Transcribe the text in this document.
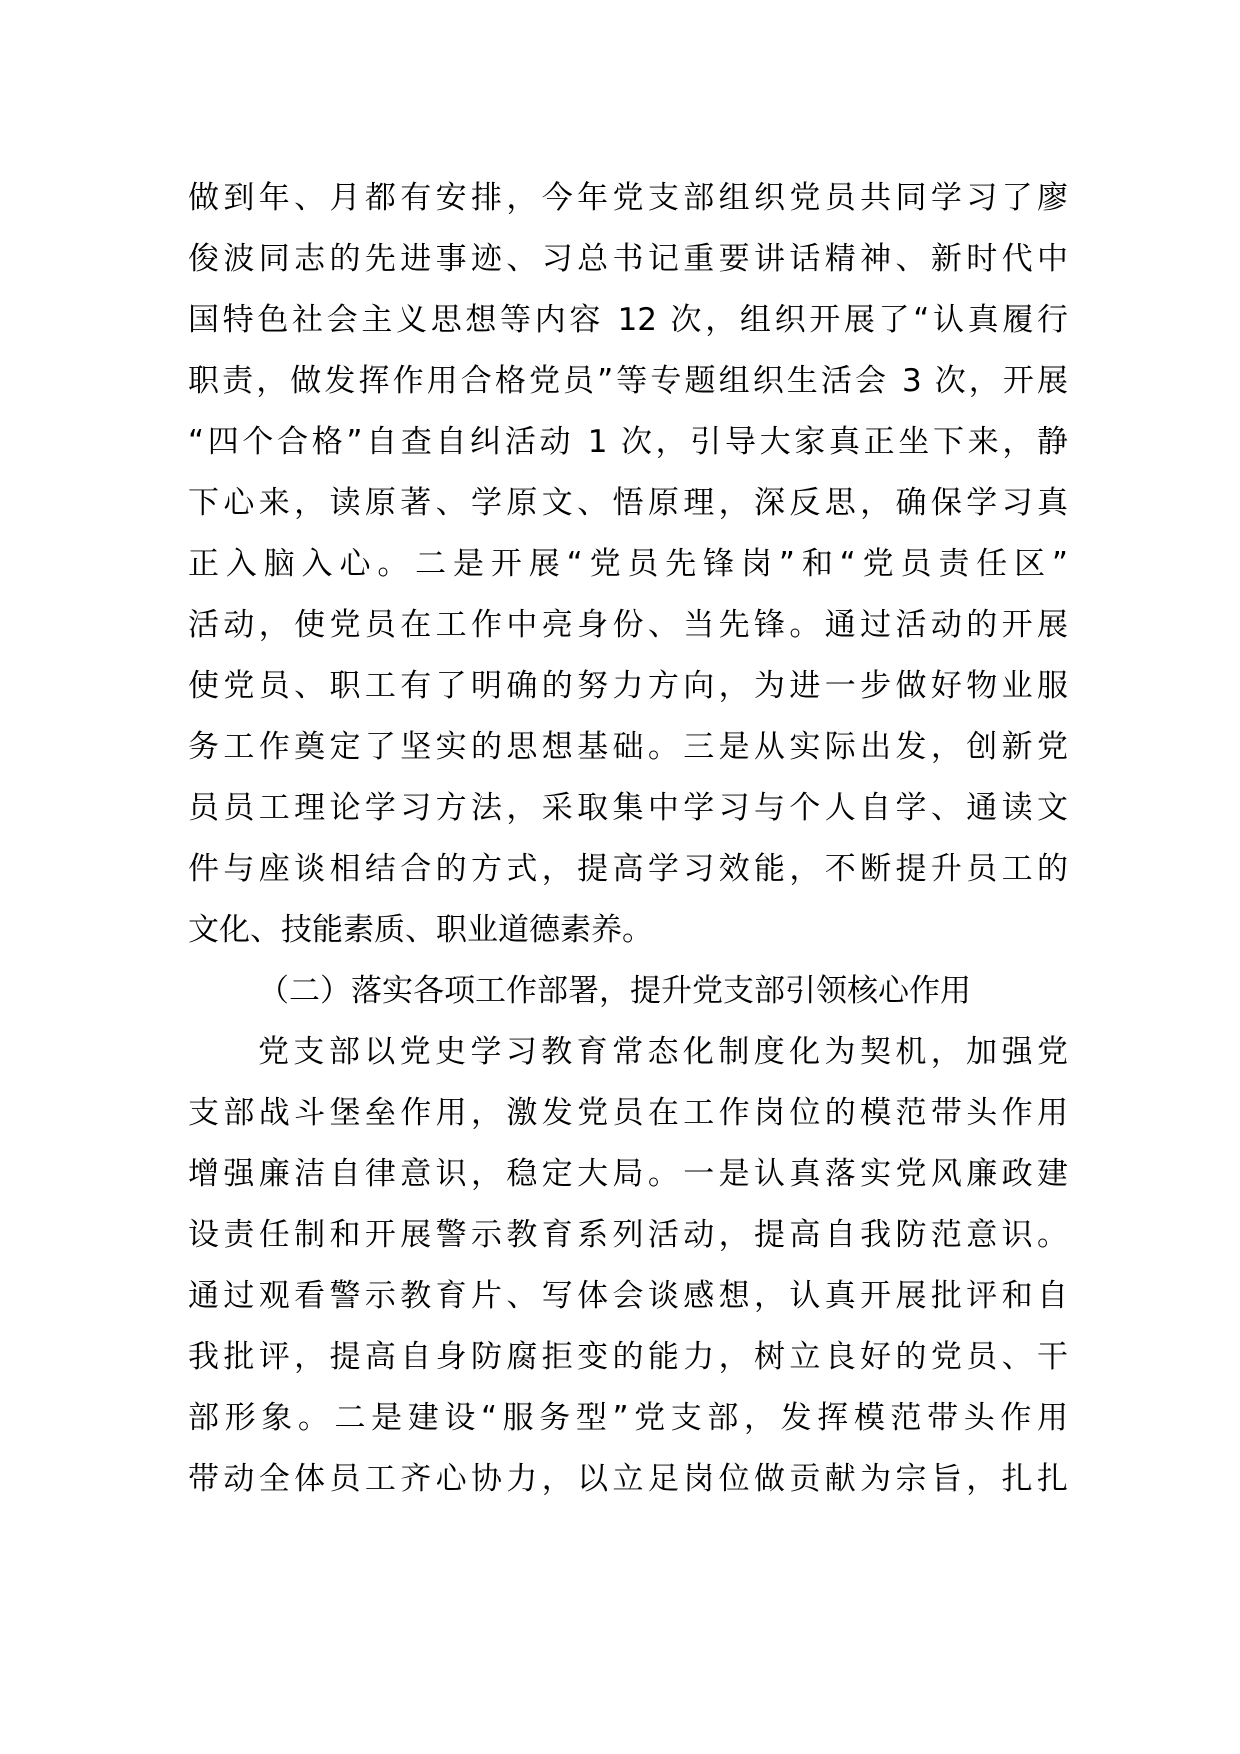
做到年、月都有安排，今年党支部组织党员共同学习了廖
俊波同志的先进事迹、习总书记重要讲话精神、新时代中
国特色社会主义思想等内容 12 次，组织开展了“认真履行
职责，做发挥作用合格党员”等专题组织生活会 3 次，开展
“四个合格”自查自纠活动 1 次，引导大家真正坐下来，静
下心来，读原著、学原文、悟原理，深反思，确保学习真
正入脑入心。二是开展“党员先锋岗”和“党员责任区”
活动，使党员在工作中亮身份、当先锋。通过活动的开展
使党员、职工有了明确的努力方向，为进一步做好物业服
务工作奠定了坚实的思想基础。三是从实际出发，创新党
员员工理论学习方法，采取集中学习与个人自学、通读文
件与座谈相结合的方式，提高学习效能，不断提升员工的
文化、技能素质、职业道德素养。
（二）落实各项工作部署，提升党支部引领核心作用
党支部以党史学习教育常态化制度化为契机，加强党
支部战斗堡垒作用，激发党员在工作岗位的模范带头作用
增强廉洁自律意识，稳定大局。一是认真落实党风廉政建
设责任制和开展警示教育系列活动，提高自我防范意识。
通过观看警示教育片、写体会谈感想，认真开展批评和自
我批评，提高自身防腐拒变的能力，树立良好的党员、干
部形象。二是建设“服务型”党支部，发挥模范带头作用
带动全体员工齐心协力，以立足岗位做贡献为宗旨，扎扎
